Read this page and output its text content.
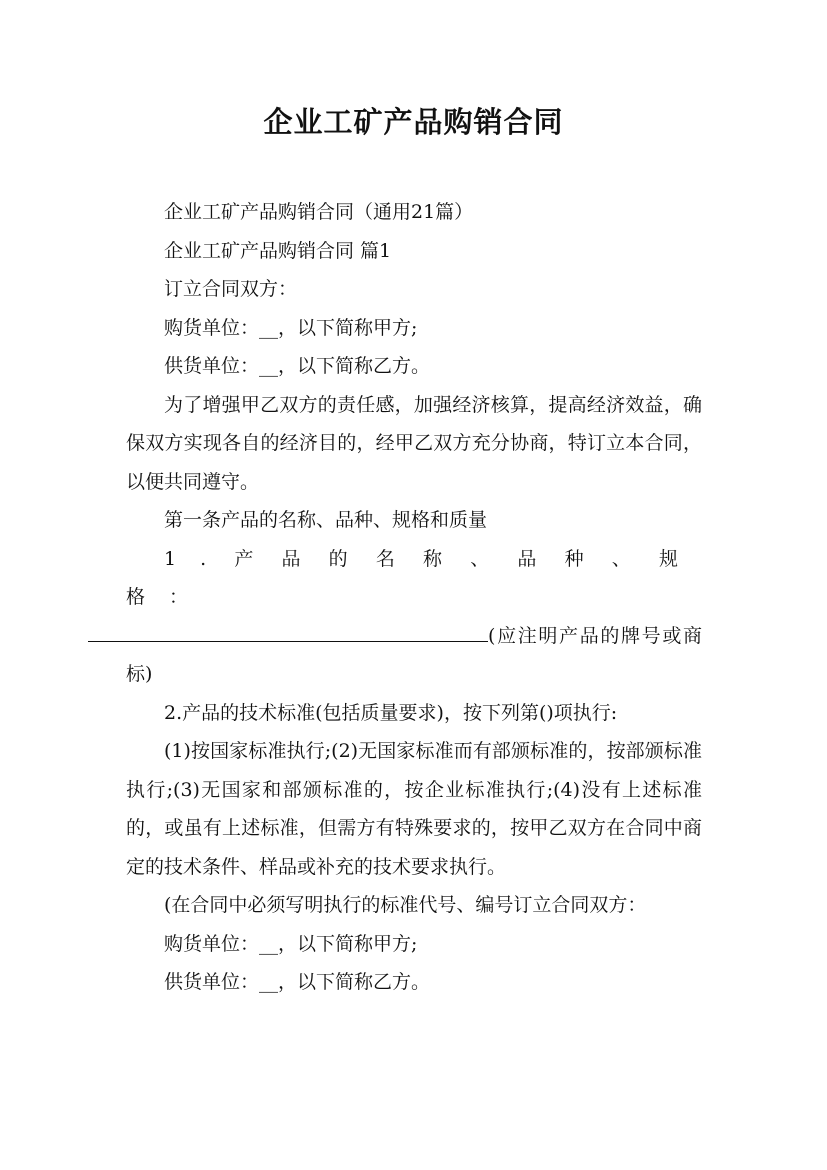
企业工矿产品购销合同

企业工矿产品购销合同（通用21篇）

企业工矿产品购销合同 篇1

订立合同双方：

购货单位：__，以下简称甲方;

供货单位：__，以下简称乙方。

为了增强甲乙双方的责任感，加强经济核算，提高经济效益，确保双方实现各自的经济目的，经甲乙双方充分协商，特订立本合同，以便共同遵守。

第一条产品的名称、品种、规格和质量

1.产品的名称、品种、规格：
(应注明产品的牌号或商标)

2.产品的技术标准(包括质量要求)，按下列第()项执行:

(1)按国家标准执行;(2)无国家标准而有部颁标准的，按部颁标准执行;(3)无国家和部颁标准的，按企业标准执行;(4)没有上述标准的，或虽有上述标准，但需方有特殊要求的，按甲乙双方在合同中商定的技术条件、样品或补充的技术要求执行。

(在合同中必须写明执行的标准代号、编号订立合同双方：

购货单位：__，以下简称甲方;

供货单位：__，以下简称乙方。
